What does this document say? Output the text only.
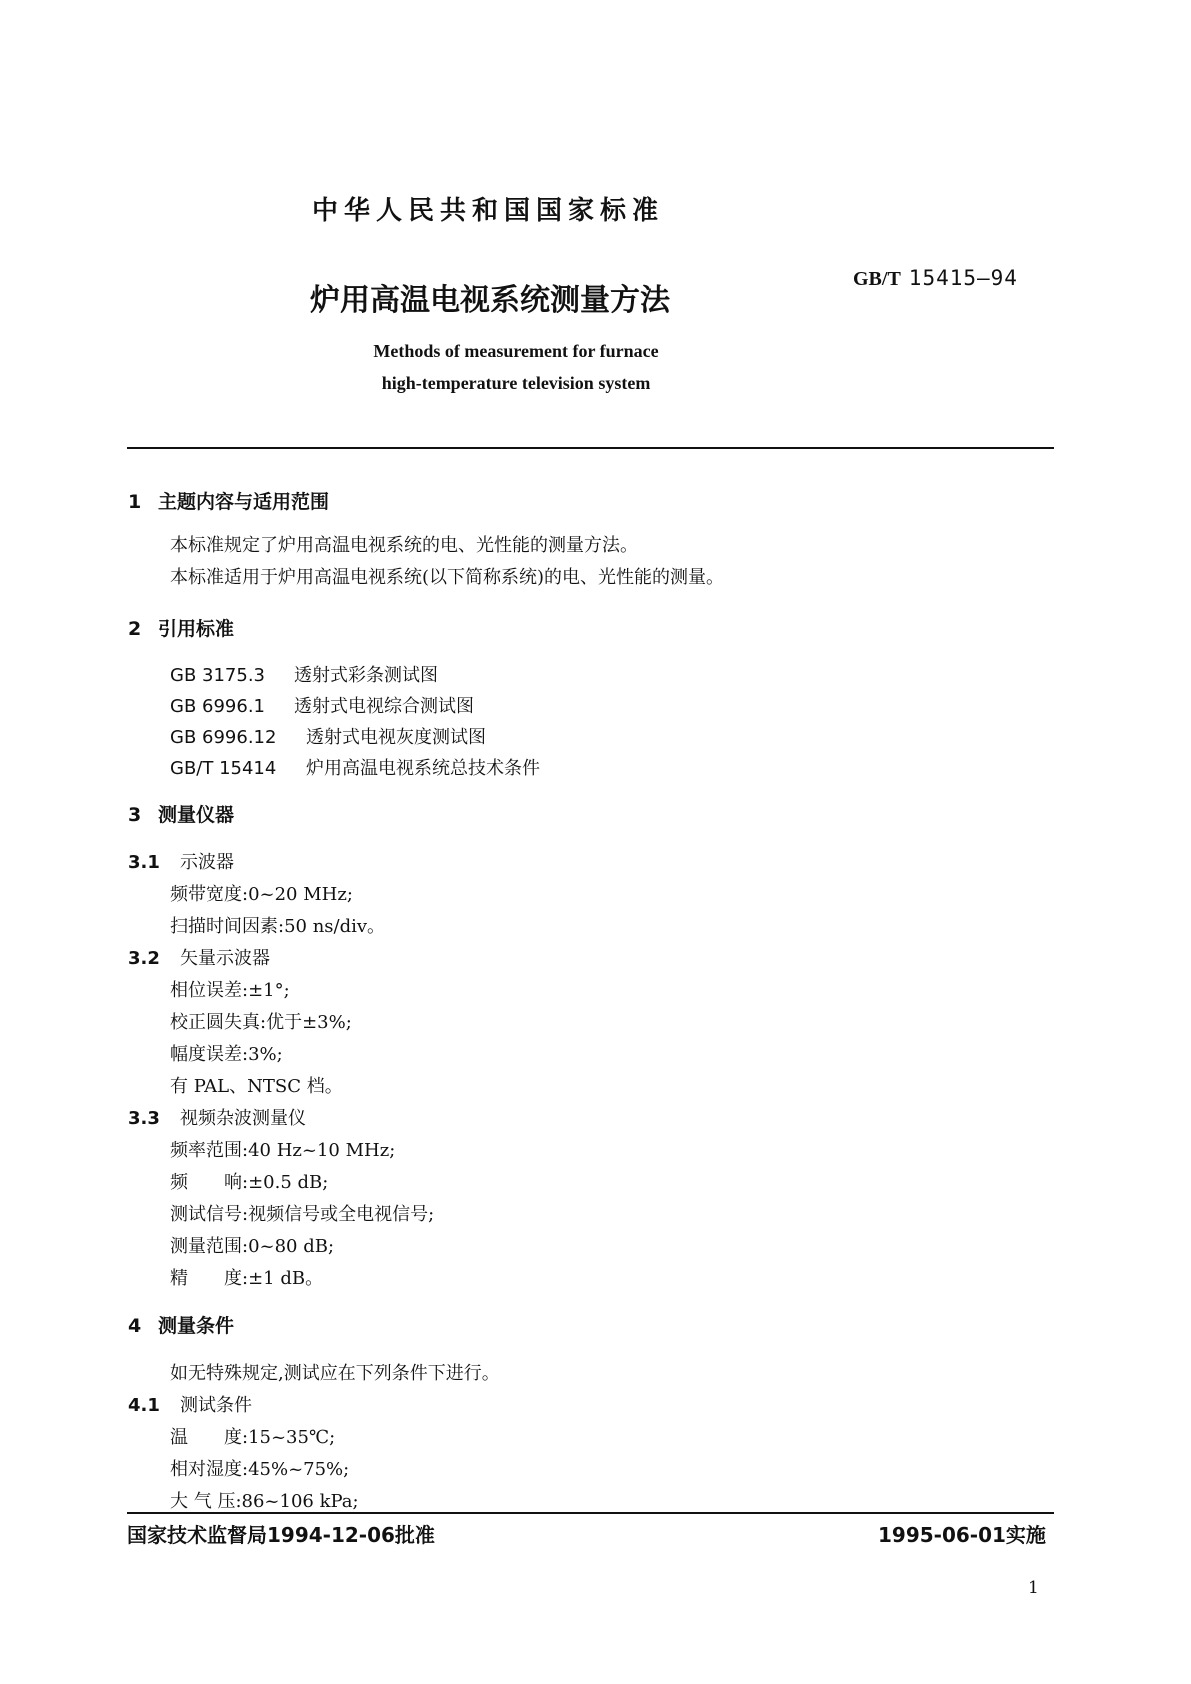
中华人民共和国国家标准
GB/T 15415—94
炉用高温电视系统测量方法
Methods of measurement for furnace
high-temperature television system
1 主题内容与适用范围
本标准规定了炉用高温电视系统的电、光性能的测量方法。
本标准适用于炉用高温电视系统(以下简称系统)的电、光性能的测量。
2 引用标准
GB 3175.3 透射式彩条测试图
GB 6996.1 透射式电视综合测试图
GB 6996.12 透射式电视灰度测试图
GB/T 15414 炉用高温电视系统总技术条件
3 测量仪器
3.1 示波器
频带宽度:0~20 MHz;
扫描时间因素:50 ns/div。
3.2 矢量示波器
相位误差:±1°;
校正圆失真:优于±3%;
幅度误差:3%;
有 PAL、NTSC 档。
3.3 视频杂波测量仪
频率范围:40 Hz~10 MHz;
频　　响:±0.5 dB;
测试信号:视频信号或全电视信号;
测量范围:0~80 dB;
精　　度:±1 dB。
4 测量条件
如无特殊规定,测试应在下列条件下进行。
4.1 测试条件
温　　度:15~35℃;
相对湿度:45%~75%;
大 气 压:86~106 kPa;
国家技术监督局1994-12-06批准	1995-06-01实施
1
